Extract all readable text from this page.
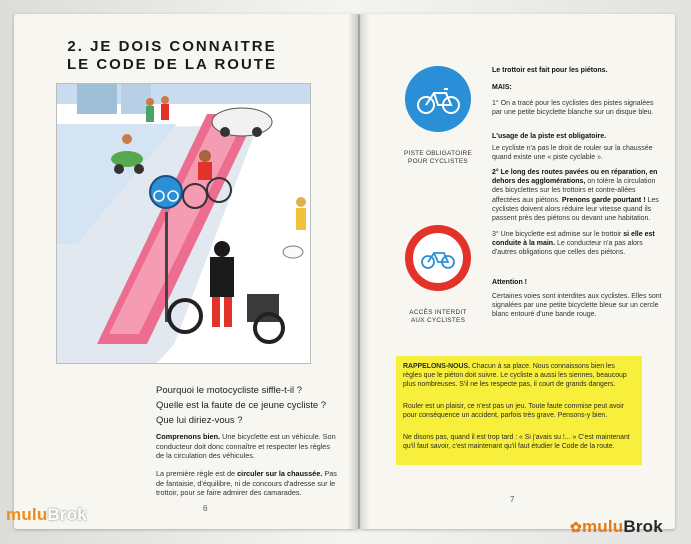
2. JE DOIS CONNAITRE
LE CODE DE LA ROUTE
Pourquoi le motocycliste siffle-t-il ?
Quelle est la faute de ce jeune cycliste ?
Que lui diriez-vous ?
Comprenons bien. Une bicyclette est un véhicule. Son conducteur doit donc connaître et respecter les règles de la circulation des véhicules.
La première règle est de circuler sur la chaussée. Pas de fantaisie, d'équilibre, ni de concours d'adresse sur le trottoir, pour se faire admirer des camarades.
6
PISTE OBLIGATOIRE
POUR CYCLISTES
ACCÈS INTERDIT
AUX CYCLISTES
Le trottoir est fait pour les piétons.
MAIS:
1° On a tracé pour les cyclistes des pistes signalées par une petite bicyclette blanche sur un disque bleu.
L'usage de la piste est obligatoire.
Le cycliste n'a pas le droit de rouler sur la chaussée quand existe une « piste cyclable ».
2° Le long des routes pavées ou en réparation, en dehors des agglomérations, on tolère la circulation des bicyclettes sur les trottoirs et contre-allées affectées aux piétons. Prenons garde pourtant ! Les cyclistes doivent alors réduire leur vitesse quand ils passent près des piétons ou devant une habitation.
3° Une bicyclette est admise sur le trottoir si elle est conduite à la main. Le conducteur n'a pas alors d'autres obligations que celles des piétons.
Attention !
Certaines voies sont interdites aux cyclistes. Elles sont signalées par une petite bicyclette bleue sur un cercle blanc entouré d'une bande rouge.
RAPPELONS-NOUS. Chacun à sa place. Nous connaissons bien les règles que le piéton doit suivre. Le cycliste a aussi les siennes, beaucoup plus nombreuses. S'il ne les respecte pas, il court de grands dangers.
Rouler est un plaisir, ce n'est pas un jeu. Toute faute commise peut avoir pour conséquence un accident, parfois très grave. Pensons-y bien.
Ne disons pas, quand il est trop tard : « Si j'avais su !... » C'est maintenant qu'il faut savoir, c'est maintenant qu'il faut étudier le Code de la route.
7
muluBrok
✿muluBrok
